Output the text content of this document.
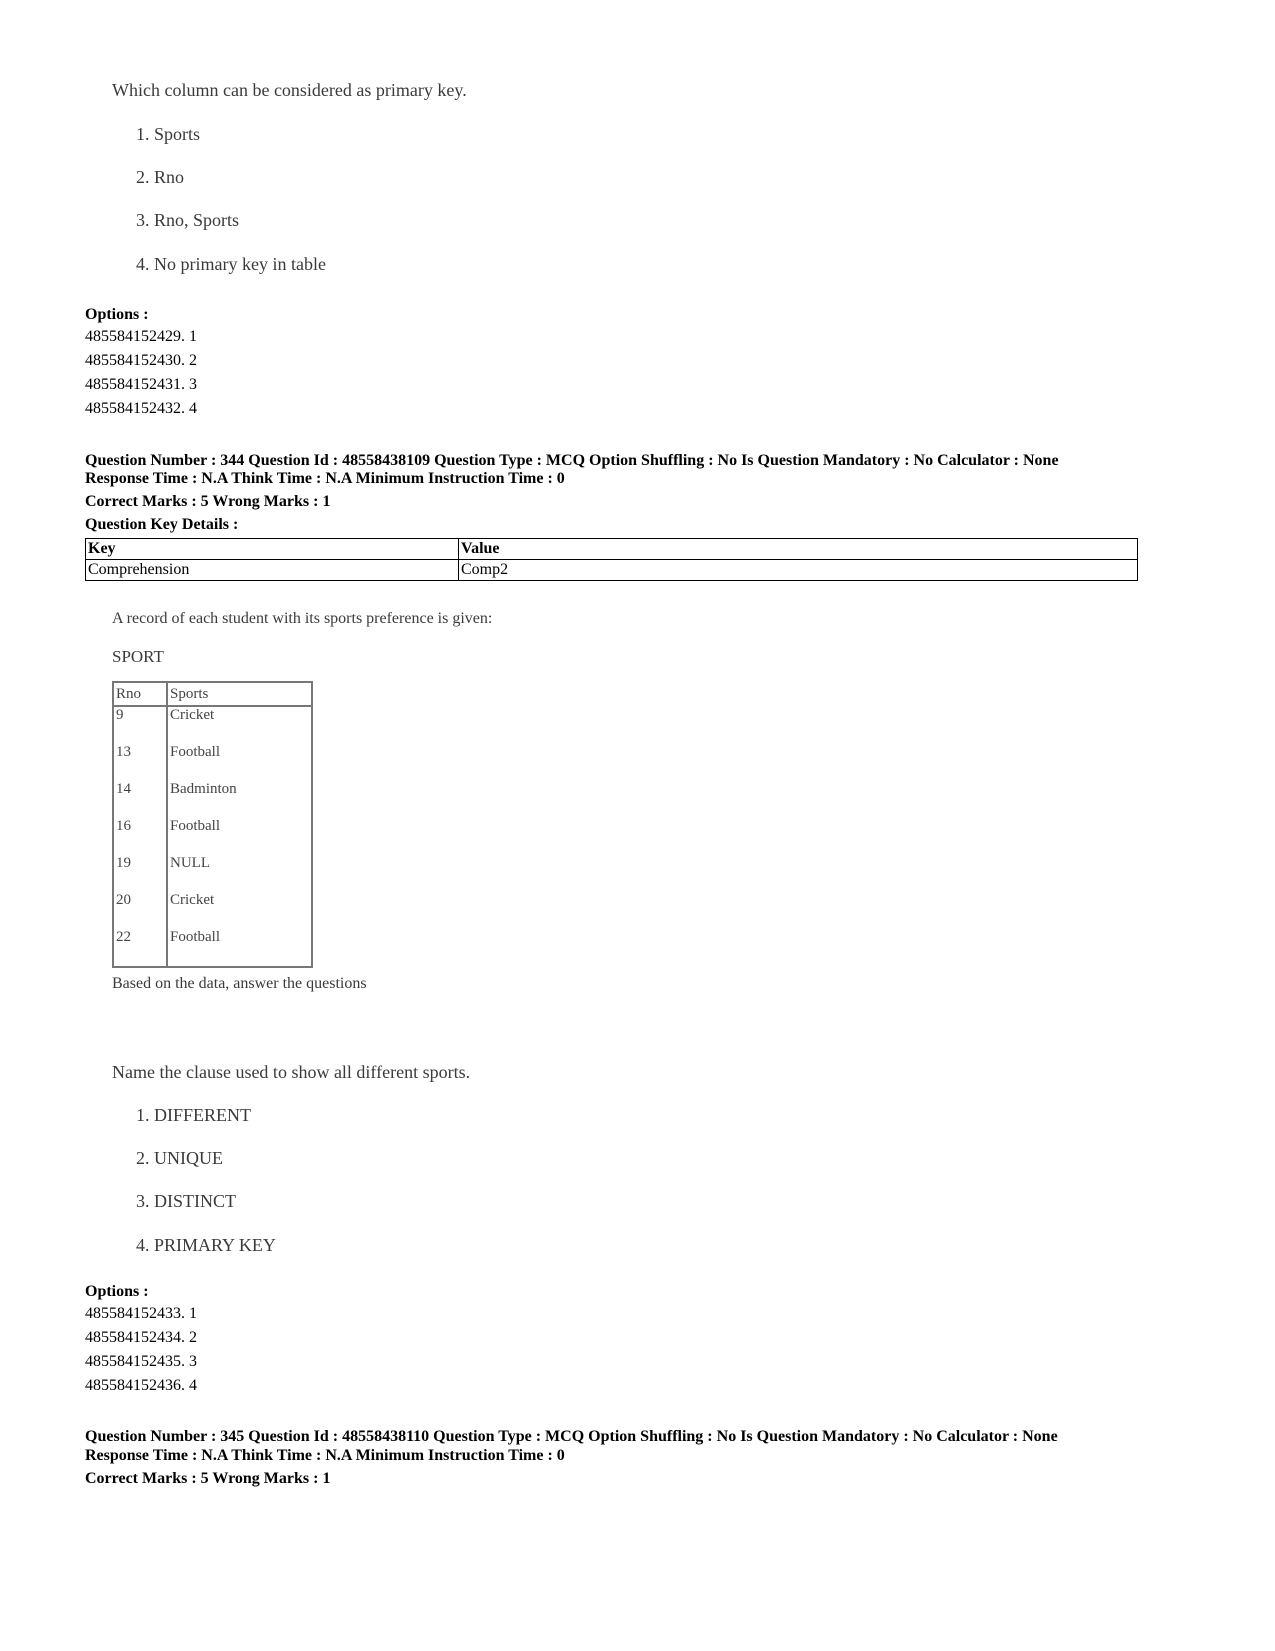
Which column can be considered as primary key.
1. Sports
2. Rno
3. Rno, Sports
4. No primary key in table
Options :
485584152429. 1
485584152430. 2
485584152431. 3
485584152432. 4
Question Number : 344 Question Id : 48558438109 Question Type : MCQ Option Shuffling : No Is Question Mandatory : No Calculator : None
Response Time : N.A Think Time : N.A Minimum Instruction Time : 0
Correct Marks : 5 Wrong Marks : 1
Question Key Details :
Key	Value
Comprehension	Comp2
A record of each student with its sports preference is given:
SPORT
Rno	Sports
9	Cricket
13	Football
14	Badminton
16	Football
19	NULL
20	Cricket
22	Football
Based on the data, answer the questions
Name the clause used to show all different sports.
1. DIFFERENT
2. UNIQUE
3. DISTINCT
4. PRIMARY KEY
Options :
485584152433. 1
485584152434. 2
485584152435. 3
485584152436. 4
Question Number : 345 Question Id : 48558438110 Question Type : MCQ Option Shuffling : No Is Question Mandatory : No Calculator : None
Response Time : N.A Think Time : N.A Minimum Instruction Time : 0
Correct Marks : 5 Wrong Marks : 1
